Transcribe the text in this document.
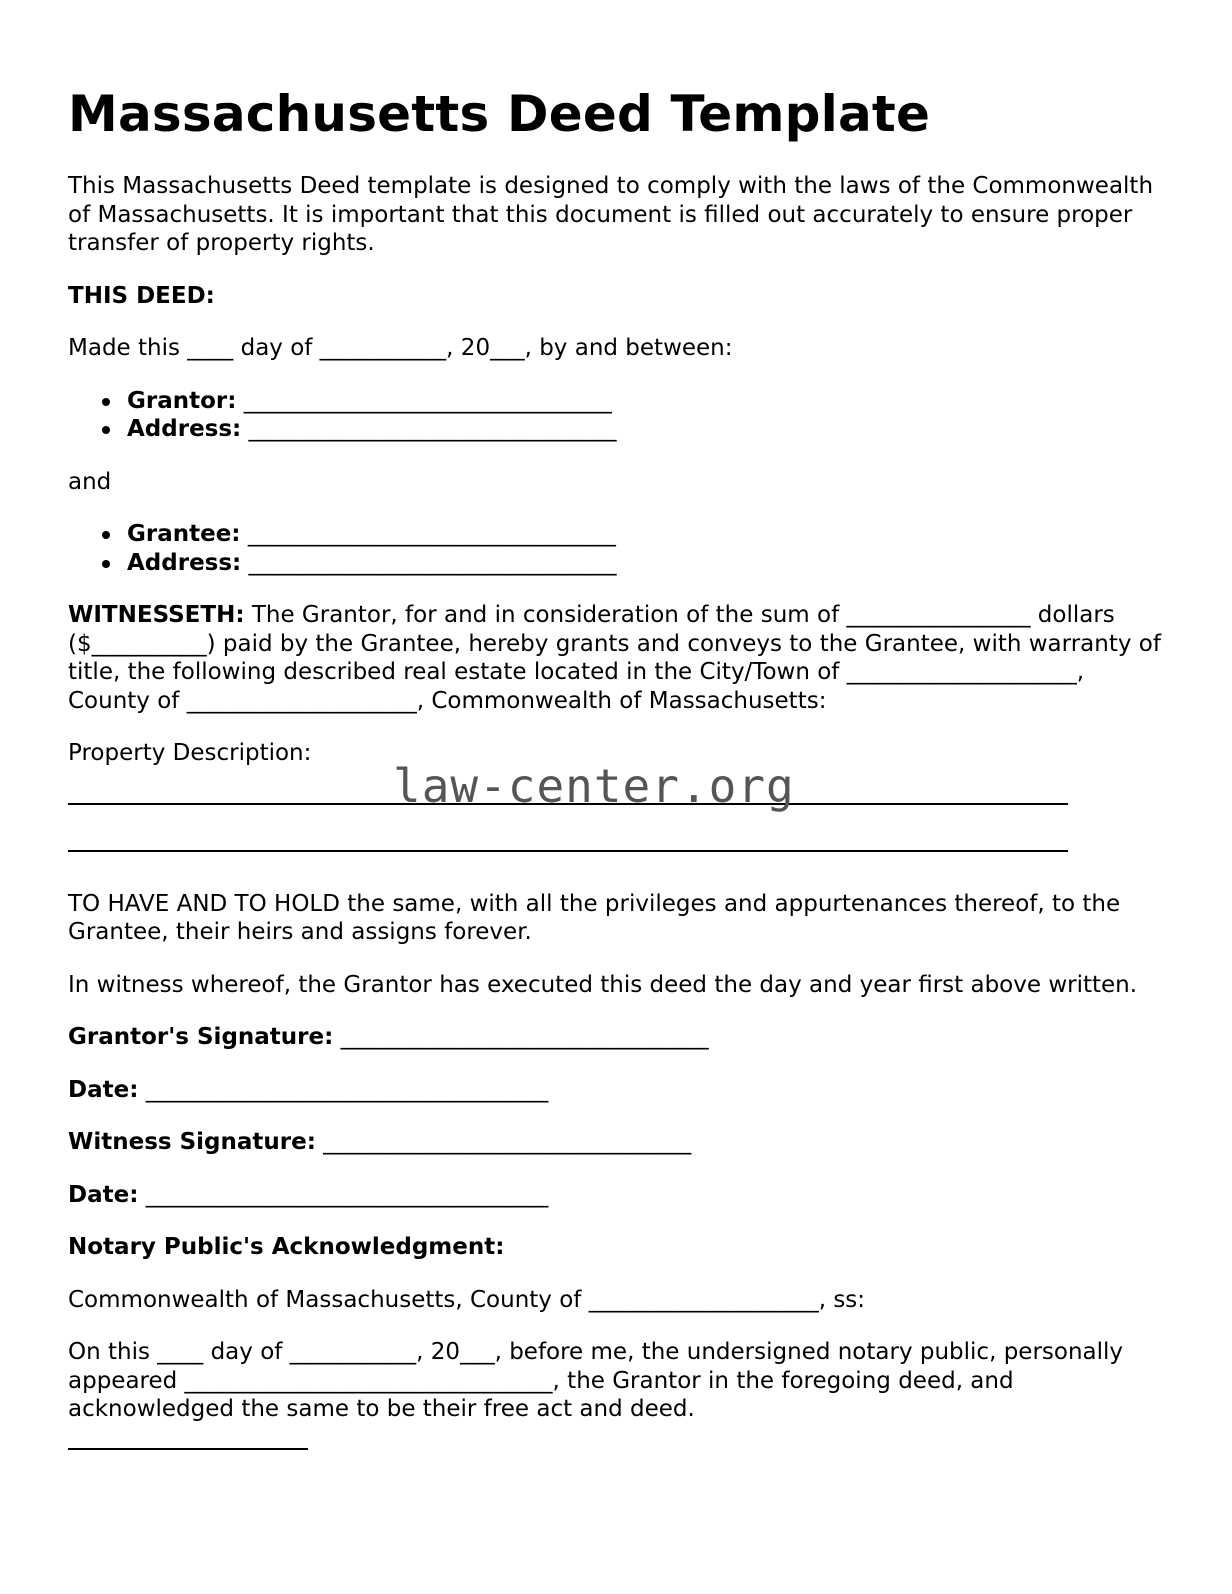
Massachusetts Deed Template

This Massachusetts Deed template is designed to comply with the laws of the Commonwealth of Massachusetts. It is important that this document is filled out accurately to ensure proper transfer of property rights.

THIS DEED:

Made this ____ day of ___________, 20___, by and between:

Grantor: ________________________________
Address: ________________________________

and

Grantee: ________________________________
Address: ________________________________

WITNESSETH: The Grantor, for and in consideration of the sum of ________________ dollars ($__________) paid by the Grantee, hereby grants and conveys to the Grantee, with warranty of title, the following described real estate located in the City/Town of ____________________, County of ____________________, Commonwealth of Massachusetts:

Property Description:

TO HAVE AND TO HOLD the same, with all the privileges and appurtenances thereof, to the Grantee, their heirs and assigns forever.

In witness whereof, the Grantor has executed this deed the day and year first above written.

Grantor's Signature: ________________________________

Date: ___________________________________

Witness Signature: ________________________________

Date: ___________________________________

Notary Public's Acknowledgment:

Commonwealth of Massachusetts, County of ____________________, ss:

On this ____ day of ___________, 20___, before me, the undersigned notary public, personally appeared ________________________________, the Grantor in the foregoing deed, and acknowledged the same to be their free act and deed.

law-center.org
